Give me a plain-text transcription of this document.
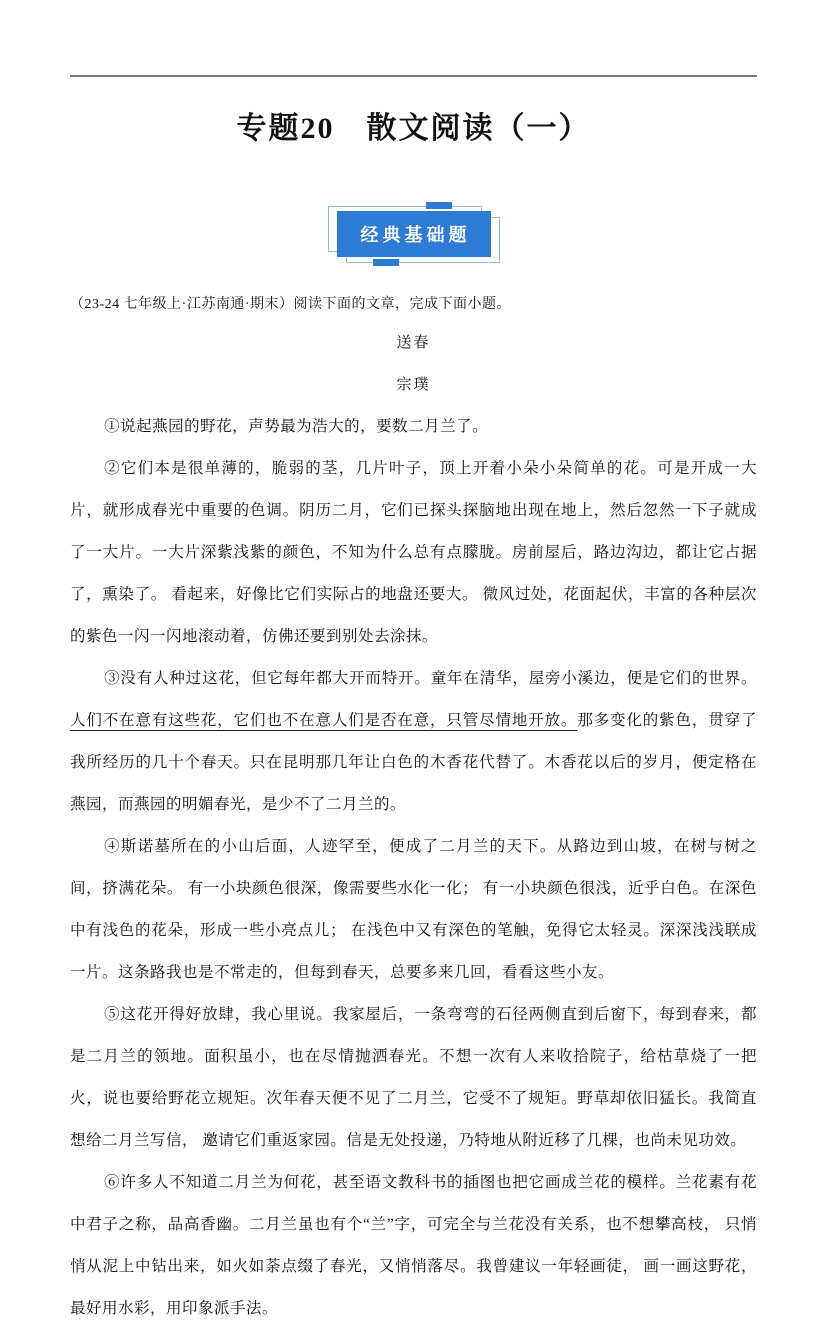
专题20　散文阅读（一）
经典基础题

（23-24 七年级上·江苏南通·期末）阅读下面的文章，完成下面小题。

送春

宗璞

①说起燕园的野花，声势最为浩大的，要数二月兰了。

②它们本是很单薄的，脆弱的茎，几片叶子，顶上开着小朵小朵简单的花。可是开成一大片，就形成春光中重要的色调。阴历二月，它们已探头探脑地出现在地上，然后忽然一下子就成了一大片。一大片深紫浅紫的颜色，不知为什么总有点朦胧。房前屋后，路边沟边，都让它占据了，熏染了。 看起来，好像比它们实际占的地盘还要大。 微风过处，花面起伏，丰富的各种层次的紫色一闪一闪地滚动着，仿佛还要到别处去涂抹。

③没有人种过这花，但它每年都大开而特开。童年在清华，屋旁小溪边，便是它们的世界。人们不在意有这些花，它们也不在意人们是否在意，只管尽情地开放。那多变化的紫色，贯穿了我所经历的几十个春天。只在昆明那几年让白色的木香花代替了。木香花以后的岁月，便定格在燕园，而燕园的明媚春光，是少不了二月兰的。

④斯诺墓所在的小山后面，人迹罕至，便成了二月兰的天下。从路边到山坡，在树与树之间，挤满花朵。 有一小块颜色很深，像需要些水化一化； 有一小块颜色很浅，近乎白色。在深色中有浅色的花朵，形成一些小亮点儿； 在浅色中又有深色的笔触，免得它太轻灵。深深浅浅联成一片。这条路我也是不常走的，但每到春天，总要多来几回，看看这些小友。

⑤这花开得好放肆，我心里说。我家屋后，一条弯弯的石径两侧直到后窗下，每到春来，都是二月兰的领地。面积虽小，也在尽情抛洒春光。不想一次有人来收拾院子，给枯草烧了一把火，说也要给野花立规矩。次年春天便不见了二月兰，它受不了规矩。野草却依旧猛长。我简直想给二月兰写信， 邀请它们重返家园。信是无处投递，乃特地从附近移了几棵，也尚未见功效。

⑥许多人不知道二月兰为何花，甚至语文教科书的插图也把它画成兰花的模样。兰花素有花中君子之称，品高香幽。二月兰虽也有个“兰”字，可完全与兰花没有关系，也不想攀高枝， 只悄悄从泥上中钻出来，如火如荼点缀了春光，又悄悄落尽。我曾建议一年轻画徒， 画一画这野花，最好用水彩，用印象派手法。
